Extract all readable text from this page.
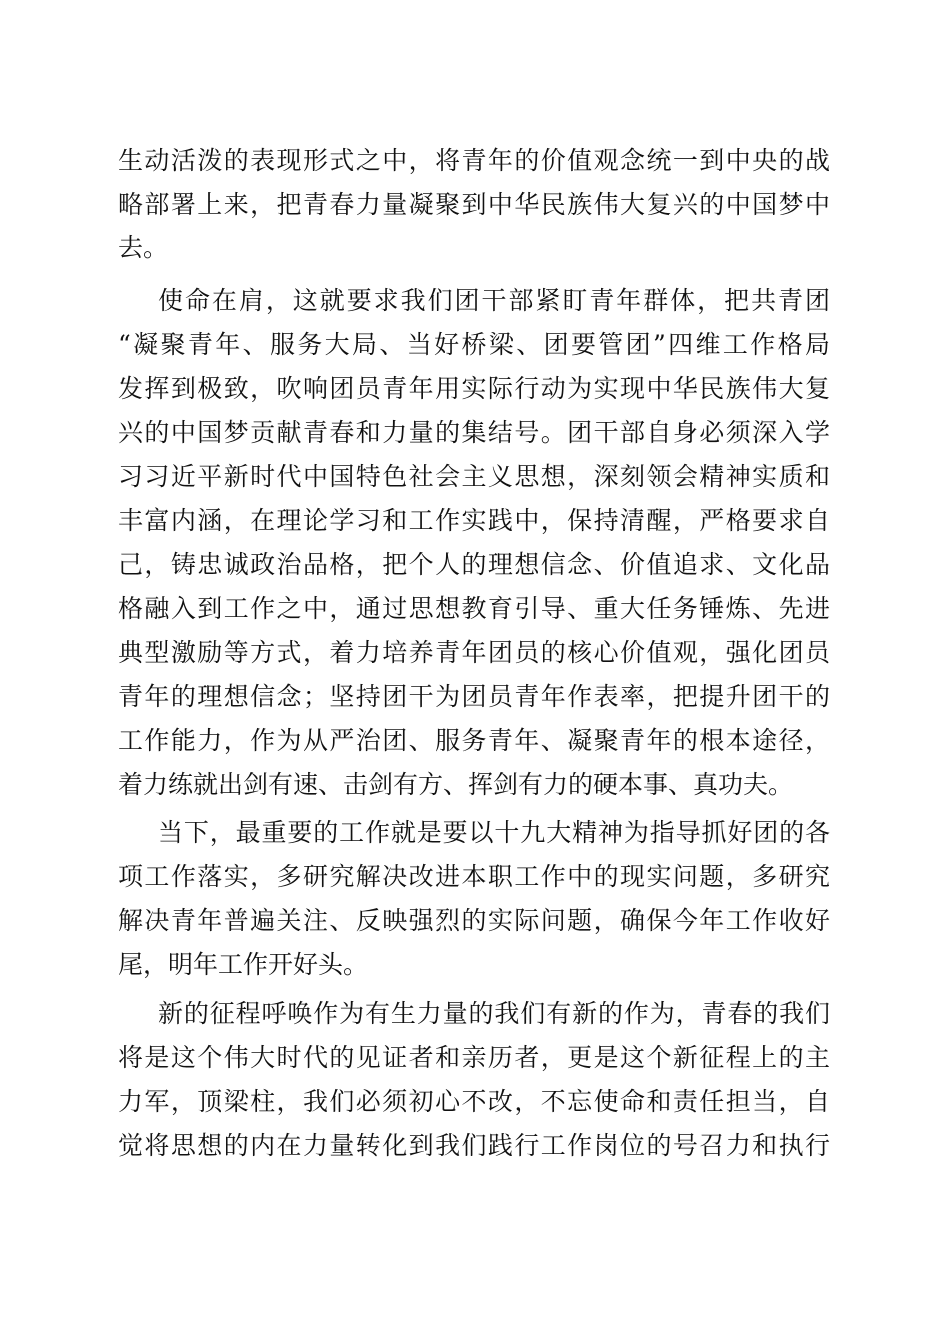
生动活泼的表现形式之中，将青年的价值观念统一到中央的战
略部署上来，把青春力量凝聚到中华民族伟大复兴的中国梦中
去。
使命在肩，这就要求我们团干部紧盯青年群体，把共青团
“凝聚青年、服务大局、当好桥梁、团要管团”四维工作格局
发挥到极致，吹响团员青年用实际行动为实现中华民族伟大复
兴的中国梦贡献青春和力量的集结号。团干部自身必须深入学
习习近平新时代中国特色社会主义思想，深刻领会精神实质和
丰富内涵，在理论学习和工作实践中，保持清醒，严格要求自
己，铸忠诚政治品格，把个人的理想信念、价值追求、文化品
格融入到工作之中，通过思想教育引导、重大任务锤炼、先进
典型激励等方式，着力培养青年团员的核心价值观，强化团员
青年的理想信念；坚持团干为团员青年作表率，把提升团干的
工作能力，作为从严治团、服务青年、凝聚青年的根本途径，
着力练就出剑有速、击剑有方、挥剑有力的硬本事、真功夫。
当下，最重要的工作就是要以十九大精神为指导抓好团的各
项工作落实，多研究解决改进本职工作中的现实问题，多研究
解决青年普遍关注、反映强烈的实际问题，确保今年工作收好
尾，明年工作开好头。
新的征程呼唤作为有生力量的我们有新的作为，青春的我们
将是这个伟大时代的见证者和亲历者，更是这个新征程上的主
力军，顶梁柱，我们必须初心不改，不忘使命和责任担当，自
觉将思想的内在力量转化到我们践行工作岗位的号召力和执行
